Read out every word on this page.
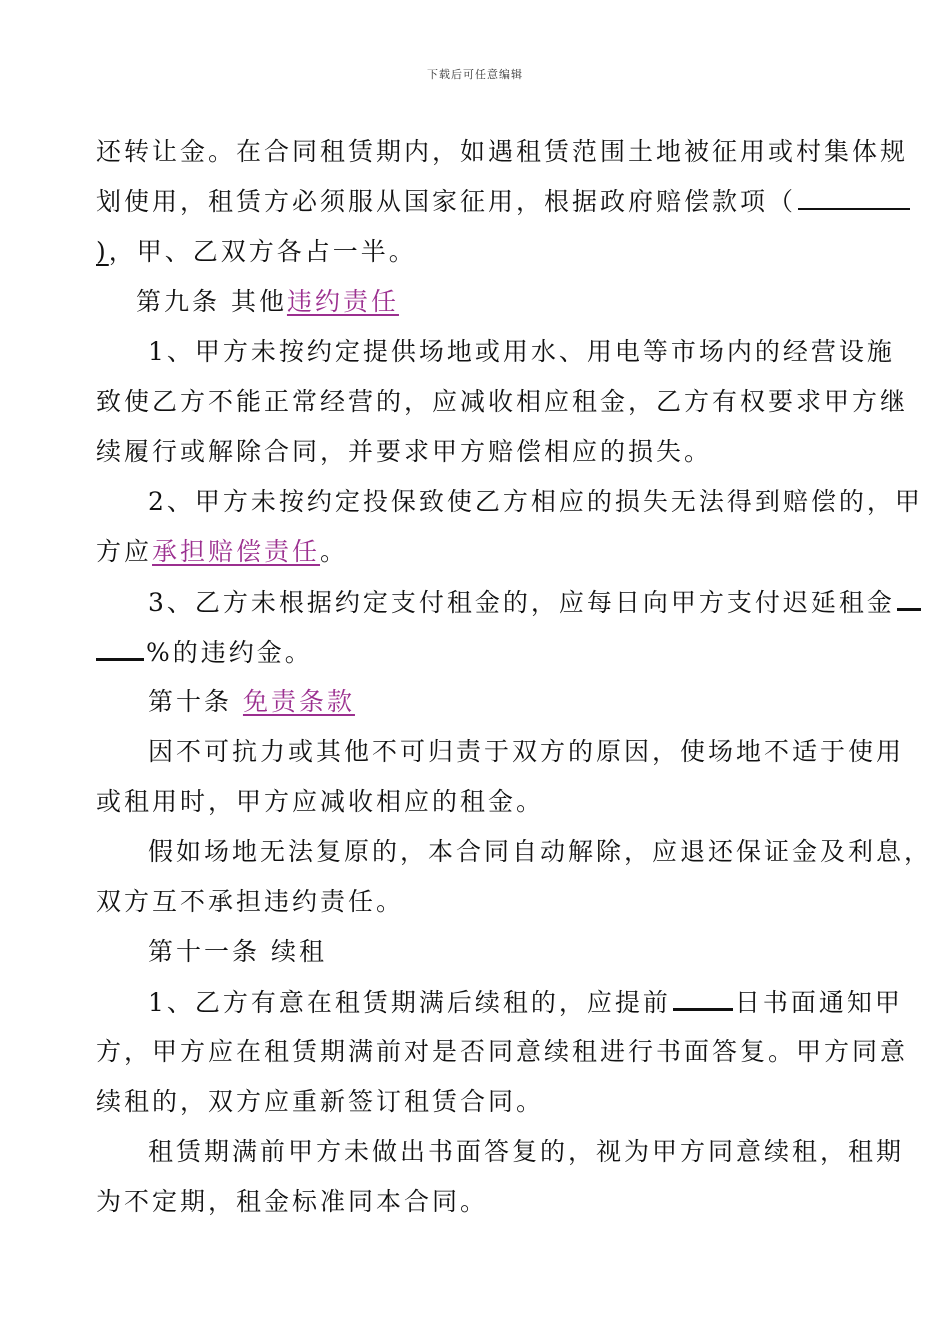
下载后可任意编辑
还转让金。在合同租赁期内，如遇租赁范围土地被征用或村集体规
划使用，租赁方必须服从国家征用，根据政府赔偿款项（
)，甲、乙双方各占一半。
第九条 其他违约责任
1、甲方未按约定提供场地或用水、用电等市场内的经营设施
致使乙方不能正常经营的，应减收相应租金，乙方有权要求甲方继
续履行或解除合同，并要求甲方赔偿相应的损失。
2、甲方未按约定投保致使乙方相应的损失无法得到赔偿的，甲
方应承担赔偿责任。
3、乙方未根据约定支付租金的，应每日向甲方支付迟延租金
%的违约金。
第十条 免责条款
因不可抗力或其他不可归责于双方的原因，使场地不适于使用
或租用时，甲方应减收相应的租金。
假如场地无法复原的，本合同自动解除，应退还保证金及利息，
双方互不承担违约责任。
第十一条 续租
1、乙方有意在租赁期满后续租的，应提前	日书面通知甲
方，甲方应在租赁期满前对是否同意续租进行书面答复。甲方同意
续租的，双方应重新签订租赁合同。
租赁期满前甲方未做出书面答复的，视为甲方同意续租，租期
为不定期，租金标准同本合同。
